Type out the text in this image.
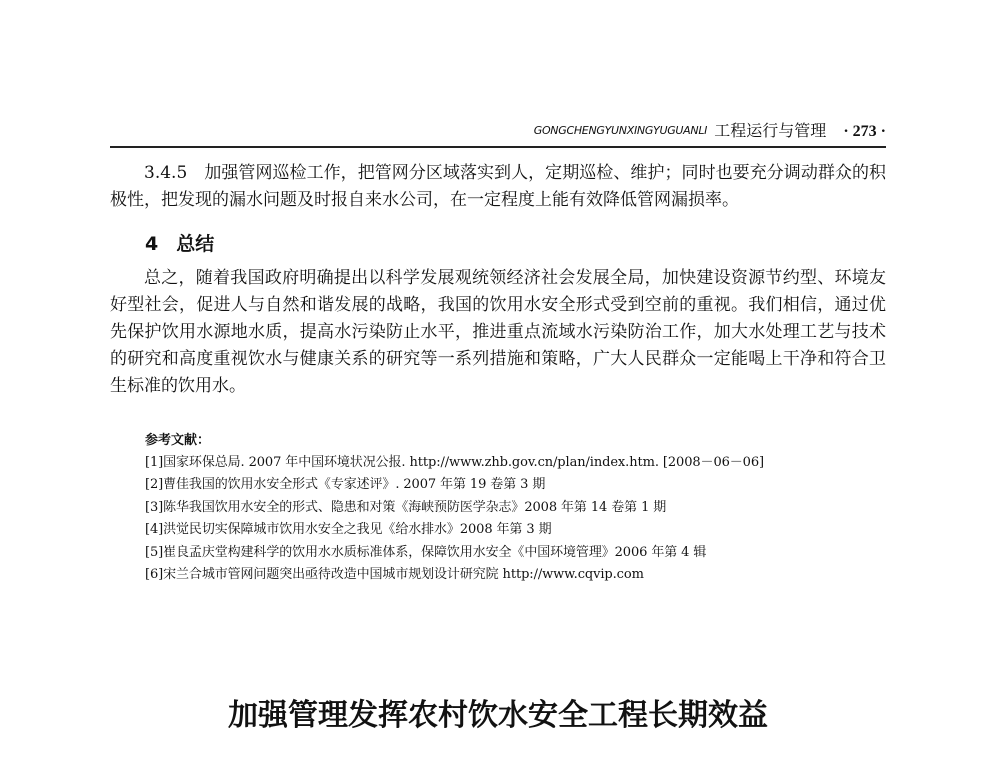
GONGCHENGYUNXINGYUGUANLI 工程运行与管理 · 273 ·

3.4.5　加强管网巡检工作，把管网分区域落实到人，定期巡检、维护；同时也要充分调动群众的积极性，把发现的漏水问题及时报自来水公司，在一定程度上能有效降低管网漏损率。

4 总结

总之，随着我国政府明确提出以科学发展观统领经济社会发展全局，加快建设资源节约型、环境友好型社会，促进人与自然和谐发展的战略，我国的饮用水安全形式受到空前的重视。我们相信，通过优先保护饮用水源地水质，提高水污染防止水平，推进重点流域水污染防治工作，加大水处理工艺与技术的研究和高度重视饮水与健康关系的研究等一系列措施和策略，广大人民群众一定能喝上干净和符合卫生标准的饮用水。

参考文献：
[1]国家环保总局. 2007 年中国环境状况公报. http://www.zhb.gov.cn/plan/index.htm. [2008－06－06]
[2]曹佳我国的饮用水安全形式《专家述评》. 2007 年第 19 卷第 3 期
[3]陈华我国饮用水安全的形式、隐患和对策《海峡预防医学杂志》2008 年第 14 卷第 1 期
[4]洪觉民切实保障城市饮用水安全之我见《给水排水》2008 年第 3 期
[5]崔良孟庆堂构建科学的饮用水水质标准体系，保障饮用水安全《中国环境管理》2006 年第 4 辑
[6]宋兰合城市管网问题突出亟待改造中国城市规划设计研究院 http://www.cqvip.com
加强管理发挥农村饮水安全工程长期效益
